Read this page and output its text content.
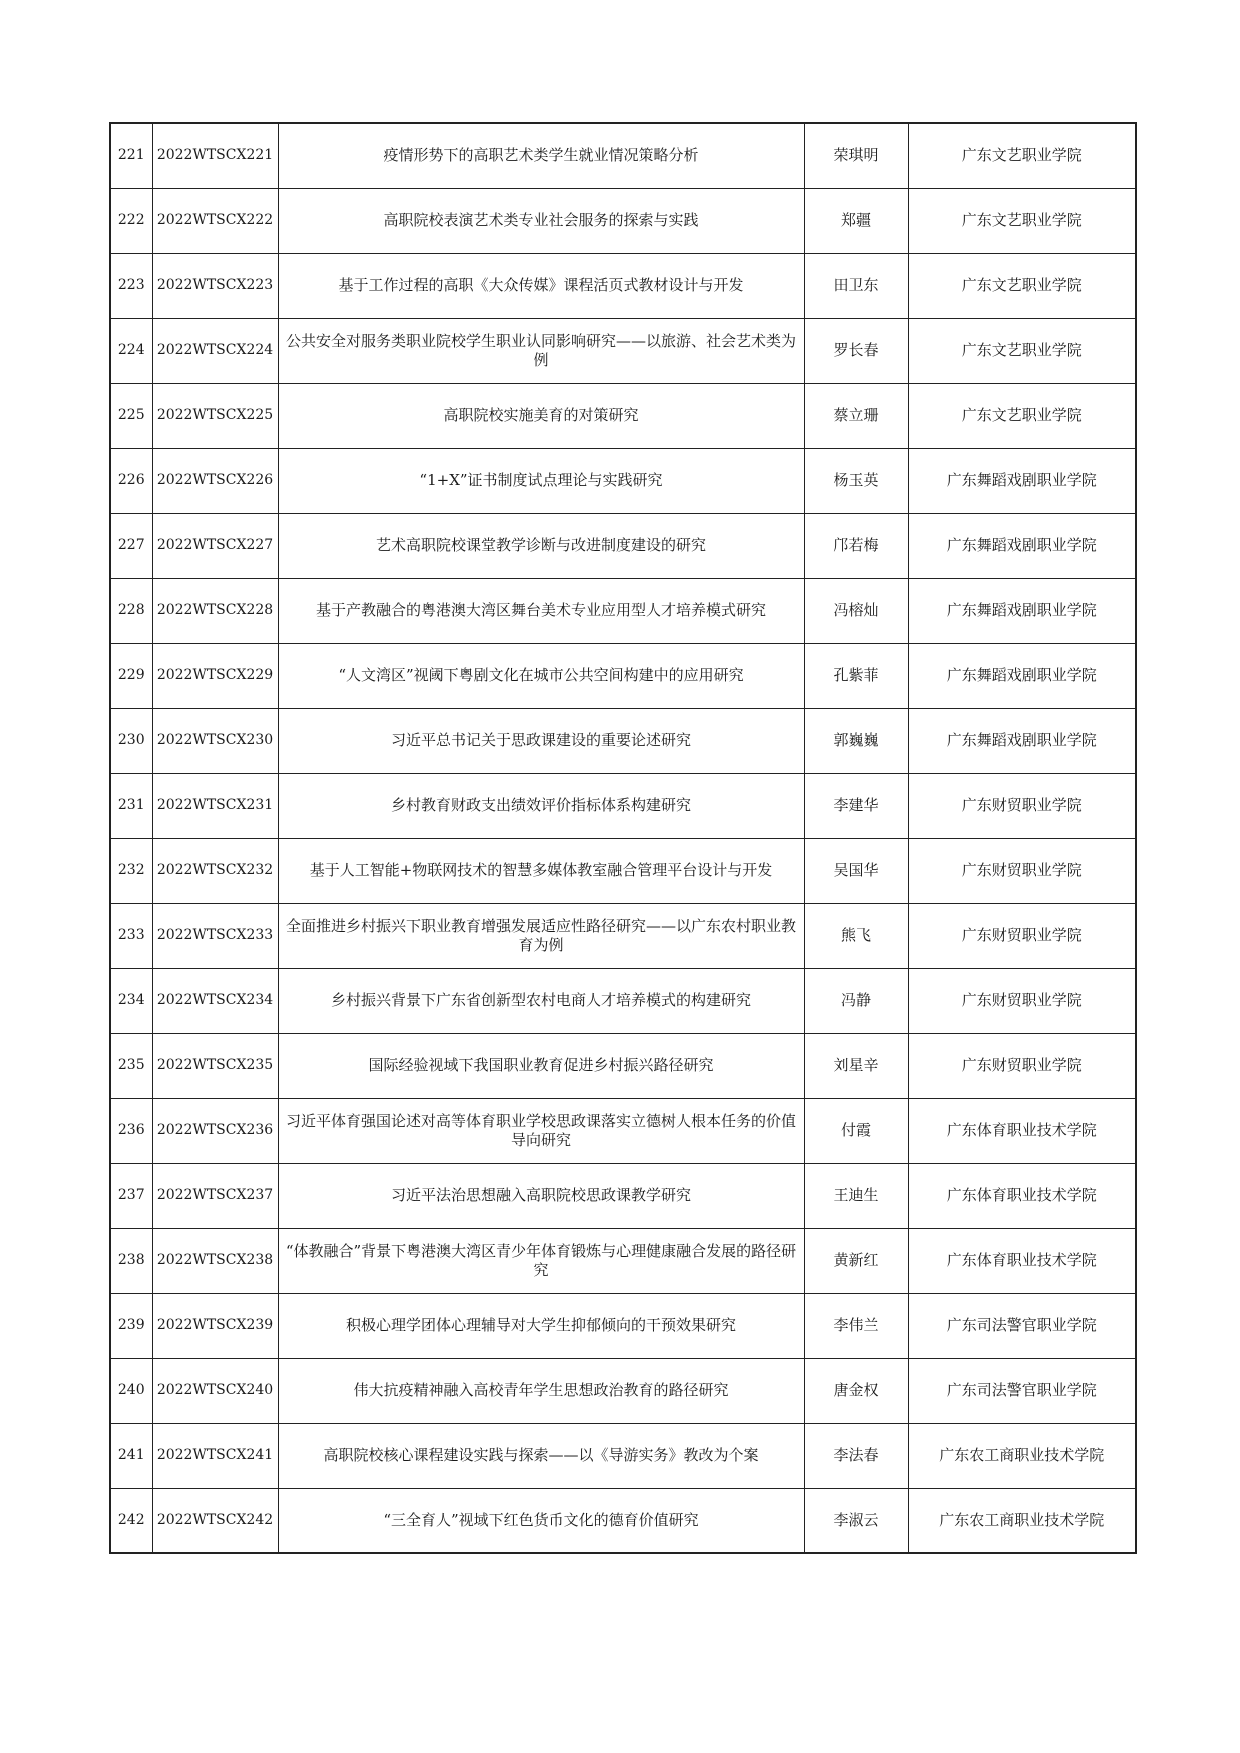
221	2022WTSCX221	疫情形势下的高职艺术类学生就业情况策略分析	荣琪明	广东文艺职业学院
222	2022WTSCX222	高职院校表演艺术类专业社会服务的探索与实践	郑疆	广东文艺职业学院
223	2022WTSCX223	基于工作过程的高职《大众传媒》课程活页式教材设计与开发	田卫东	广东文艺职业学院
224	2022WTSCX224	公共安全对服务类职业院校学生职业认同影响研究——以旅游、社会艺术类为例	罗长春	广东文艺职业学院
225	2022WTSCX225	高职院校实施美育的对策研究	蔡立珊	广东文艺职业学院
226	2022WTSCX226	“1+X”证书制度试点理论与实践研究	杨玉英	广东舞蹈戏剧职业学院
227	2022WTSCX227	艺术高职院校课堂教学诊断与改进制度建设的研究	邝若梅	广东舞蹈戏剧职业学院
228	2022WTSCX228	基于产教融合的粤港澳大湾区舞台美术专业应用型人才培养模式研究	冯榕灿	广东舞蹈戏剧职业学院
229	2022WTSCX229	“人文湾区”视阈下粤剧文化在城市公共空间构建中的应用研究	孔紫菲	广东舞蹈戏剧职业学院
230	2022WTSCX230	习近平总书记关于思政课建设的重要论述研究	郭巍巍	广东舞蹈戏剧职业学院
231	2022WTSCX231	乡村教育财政支出绩效评价指标体系构建研究	李建华	广东财贸职业学院
232	2022WTSCX232	基于人工智能+物联网技术的智慧多媒体教室融合管理平台设计与开发	吴国华	广东财贸职业学院
233	2022WTSCX233	全面推进乡村振兴下职业教育增强发展适应性路径研究——以广东农村职业教育为例	熊飞	广东财贸职业学院
234	2022WTSCX234	乡村振兴背景下广东省创新型农村电商人才培养模式的构建研究	冯静	广东财贸职业学院
235	2022WTSCX235	国际经验视域下我国职业教育促进乡村振兴路径研究	刘星辛	广东财贸职业学院
236	2022WTSCX236	习近平体育强国论述对高等体育职业学校思政课落实立德树人根本任务的价值导向研究	付霞	广东体育职业技术学院
237	2022WTSCX237	习近平法治思想融入高职院校思政课教学研究	王迪生	广东体育职业技术学院
238	2022WTSCX238	“体教融合”背景下粤港澳大湾区青少年体育锻炼与心理健康融合发展的路径研究	黄新红	广东体育职业技术学院
239	2022WTSCX239	积极心理学团体心理辅导对大学生抑郁倾向的干预效果研究	李伟兰	广东司法警官职业学院
240	2022WTSCX240	伟大抗疫精神融入高校青年学生思想政治教育的路径研究	唐金权	广东司法警官职业学院
241	2022WTSCX241	高职院校核心课程建设实践与探索——以《导游实务》教改为个案	李法春	广东农工商职业技术学院
242	2022WTSCX242	“三全育人”视域下红色货币文化的德育价值研究	李淑云	广东农工商职业技术学院
